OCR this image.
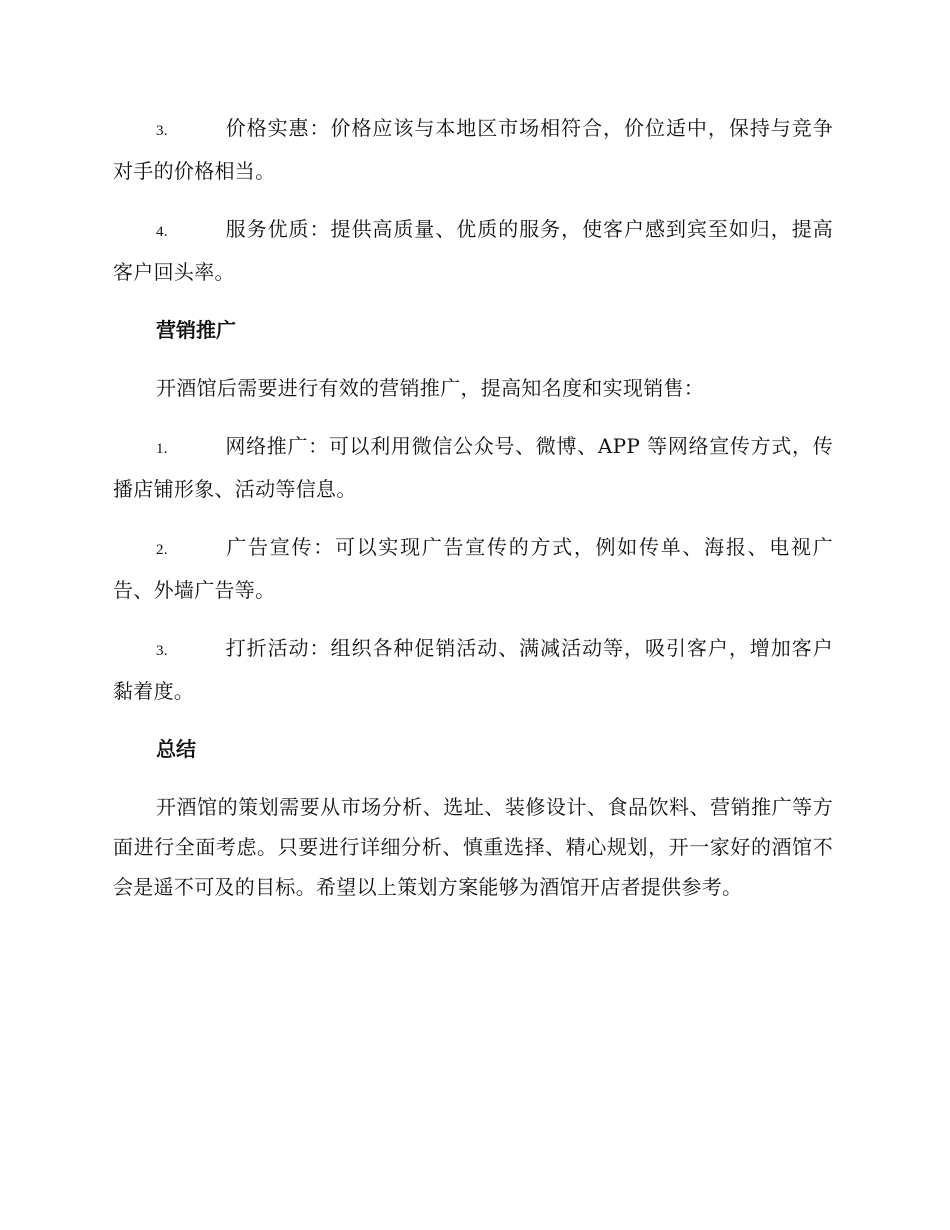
3.	价格实惠：价格应该与本地区市场相符合，价位适中，保持与竞争对手的价格相当。

4.	服务优质：提供高质量、优质的服务，使客户感到宾至如归，提高客户回头率。

营销推广

开酒馆后需要进行有效的营销推广，提高知名度和实现销售：

1.	网络推广：可以利用微信公众号、微博、APP 等网络宣传方式，传播店铺形象、活动等信息。

2.	广告宣传：可以实现广告宣传的方式，例如传单、海报、电视广告、外墙广告等。

3.	打折活动：组织各种促销活动、满减活动等，吸引客户，增加客户黏着度。

总结

开酒馆的策划需要从市场分析、选址、装修设计、食品饮料、营销推广等方面进行全面考虑。只要进行详细分析、慎重选择、精心规划，开一家好的酒馆不会是遥不可及的目标。希望以上策划方案能够为酒馆开店者提供参考。
